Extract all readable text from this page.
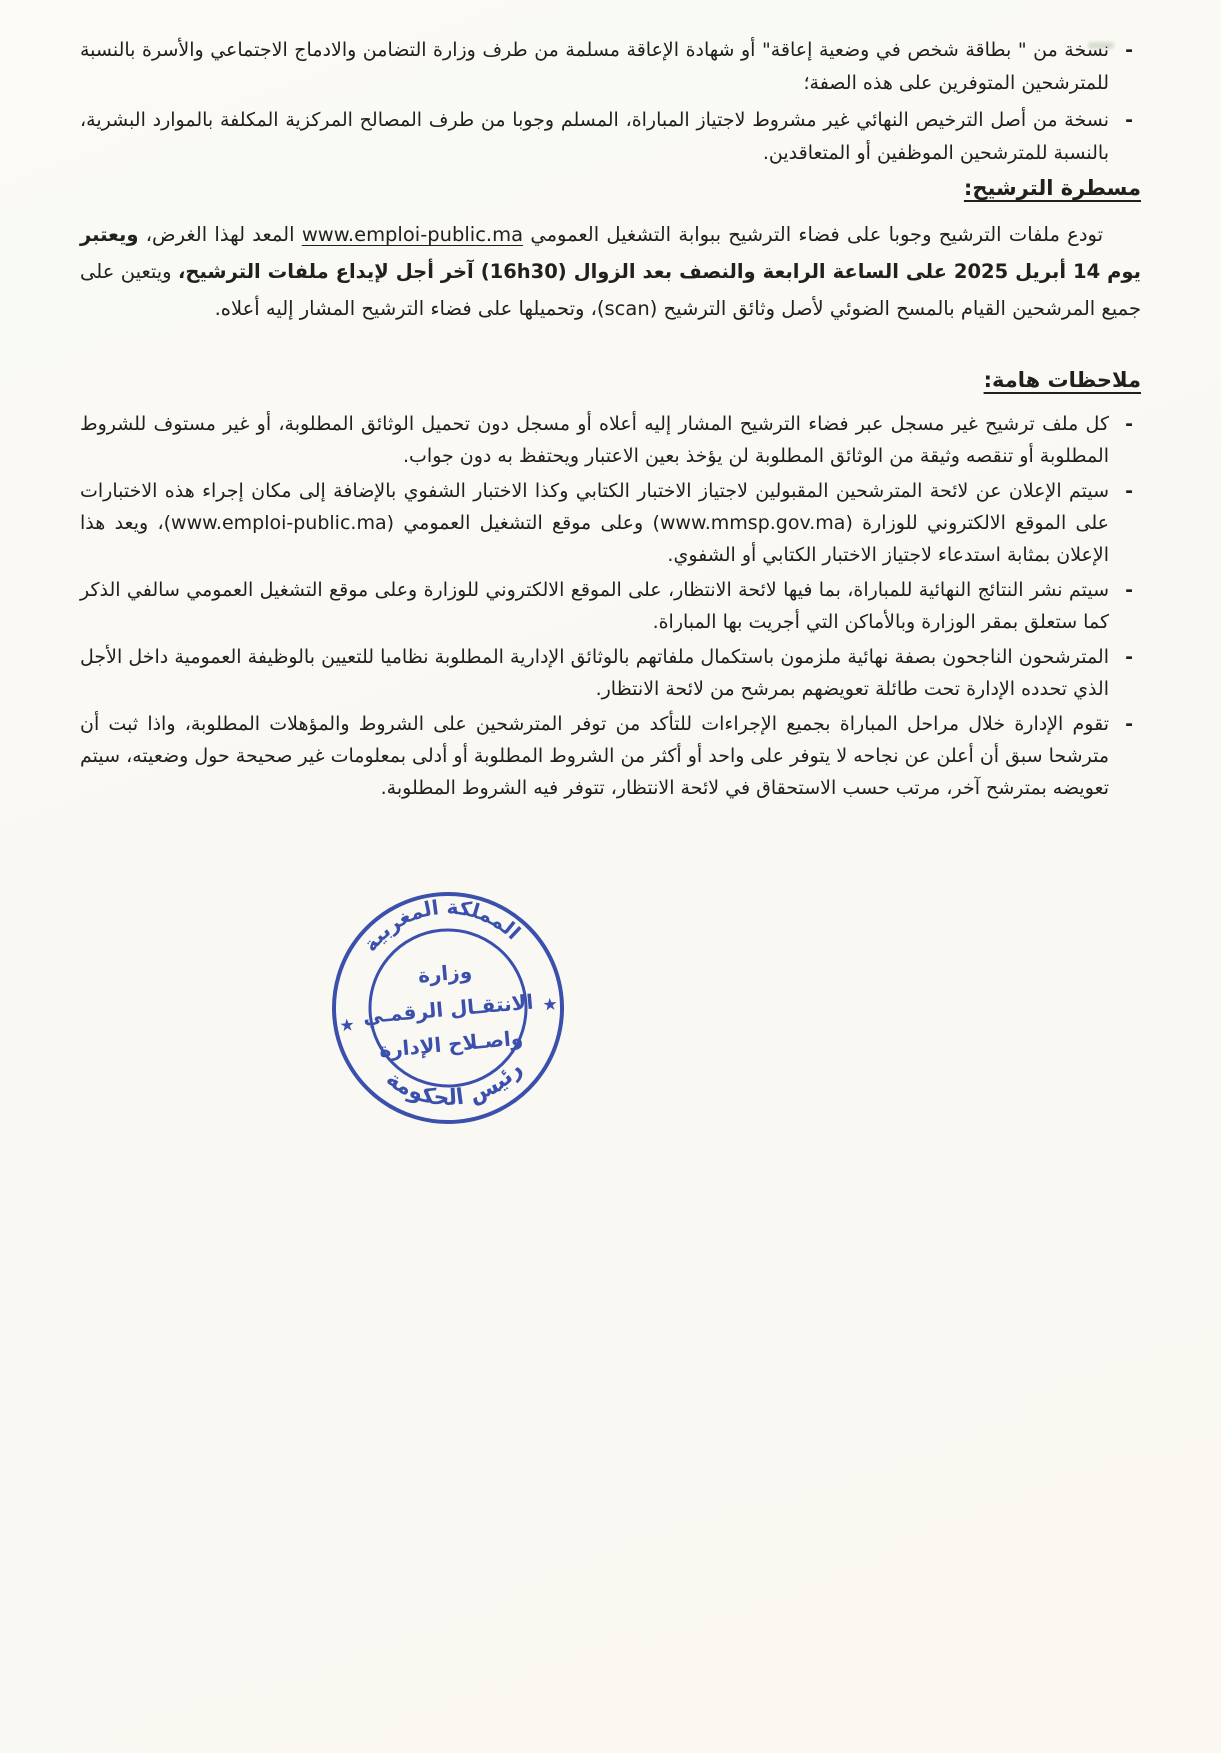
-
نسخة من " بطاقة شخص في وضعية إعاقة" أو شهادة الإعاقة مسلمة من طرف وزارة التضامن والادماج الاجتماعي والأسرة بالنسبة للمترشحين المتوفرين على هذه الصفة؛
-
نسخة من أصل الترخيص النهائي غير مشروط لاجتياز المباراة، المسلم وجوبا من طرف المصالح المركزية المكلفة بالموارد البشرية، بالنسبة للمترشحين الموظفين أو المتعاقدين.
مسطرة الترشيح:
تودع ملفات الترشيح وجوبا على فضاء الترشيح ببوابة التشغيل العمومي www.emploi-public.ma المعد لهذا الغرض، ويعتبر يوم 14 أبريل 2025 على الساعة الرابعة والنصف بعد الزوال (16h30) آخر أجل لإيداع ملفات الترشيح، ويتعين على جميع المرشحين القيام بالمسح الضوئي لأصل وثائق الترشيح (scan)، وتحميلها على فضاء الترشيح المشار إليه أعلاه.
ملاحظات هامة:
-
كل ملف ترشيح غير مسجل عبر فضاء الترشيح المشار إليه أعلاه أو مسجل دون تحميل الوثائق المطلوبة، أو غير مستوف للشروط المطلوبة أو تنقصه وثيقة من الوثائق المطلوبة لن يؤخذ بعين الاعتبار ويحتفظ به دون جواب.
-
سيتم الإعلان عن لائحة المترشحين المقبولين لاجتياز الاختبار الكتابي وكذا الاختبار الشفوي بالإضافة إلى مكان إجراء هذه الاختبارات على الموقع الالكتروني للوزارة (www.mmsp.gov.ma) وعلى موقع التشغيل العمومي (www.emploi-public.ma)، ويعد هذا الإعلان بمثابة استدعاء لاجتياز الاختبار الكتابي أو الشفوي.
-
سيتم نشر النتائج النهائية للمباراة، بما فيها لائحة الانتظار، على الموقع الالكتروني للوزارة وعلى موقع التشغيل العمومي سالفي الذكر كما ستعلق بمقر الوزارة وبالأماكن التي أجريت بها المباراة.
-
المترشحون الناجحون بصفة نهائية ملزمون باستكمال ملفاتهم بالوثائق الإدارية المطلوبة نظاميا للتعيين بالوظيفة العمومية داخل الأجل الذي تحدده الإدارة تحت طائلة تعويضهم بمرشح من لائحة الانتظار.
-
تقوم الإدارة خلال مراحل المباراة بجميع الإجراءات للتأكد من توفر المترشحين على الشروط والمؤهلات المطلوبة، واذا ثبت أن مترشحا سبق أن أعلن عن نجاحه لا يتوفر على واحد أو أكثر من الشروط المطلوبة أو أدلى بمعلومات غير صحيحة حول وضعيته، سيتم تعويضه بمترشح آخر، مرتب حسب الاستحقاق في لائحة الانتظار، تتوفر فيه الشروط المطلوبة.
المملكة المغربية
رئيس الحكومة
وزارة
الانتقـال الرقمـي
واصـلاح الإدارة
★
★
